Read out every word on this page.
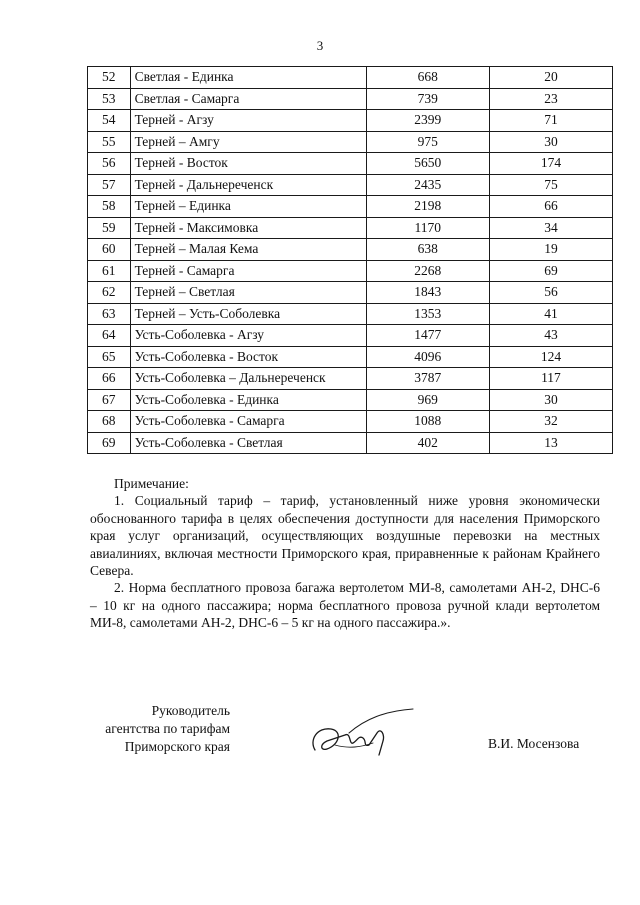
3
52	Светлая - Единка	668	20
53	Светлая - Самарга	739	23
54	Терней - Агзу	2399	71
55	Терней – Амгу	975	30
56	Терней - Восток	5650	174
57	Терней - Дальнереченск	2435	75
58	Терней – Единка	2198	66
59	Терней - Максимовка	1170	34
60	Терней – Малая Кема	638	19
61	Терней - Самарга	2268	69
62	Терней – Светлая	1843	56
63	Терней – Усть-Соболевка	1353	41
64	Усть-Соболевка - Агзу	1477	43
65	Усть-Соболевка - Восток	4096	124
66	Усть-Соболевка – Дальнереченск	3787	117
67	Усть-Соболевка - Единка	969	30
68	Усть-Соболевка - Самарга	1088	32
69	Усть-Соболевка - Светлая	402	13

Примечание:

1. Социальный тариф – тариф, установленный ниже уровня экономически обоснованного тарифа в целях обеспечения доступности для населения Приморского края услуг организаций, осуществляющих воздушные перевозки на местных авиалиниях, включая местности Приморского края, приравненные к районам Крайнего Севера.

2. Норма бесплатного провоза багажа вертолетом МИ-8, самолетами АН-2, DHC-6 – 10 кг на одного пассажира; норма бесплатного провоза ручной клади вертолетом МИ-8, самолетами АН-2, DHC-6 – 5 кг на одного пассажира.».

Руководитель
агентства по тарифам
Приморского края	В.И. Мосензова
